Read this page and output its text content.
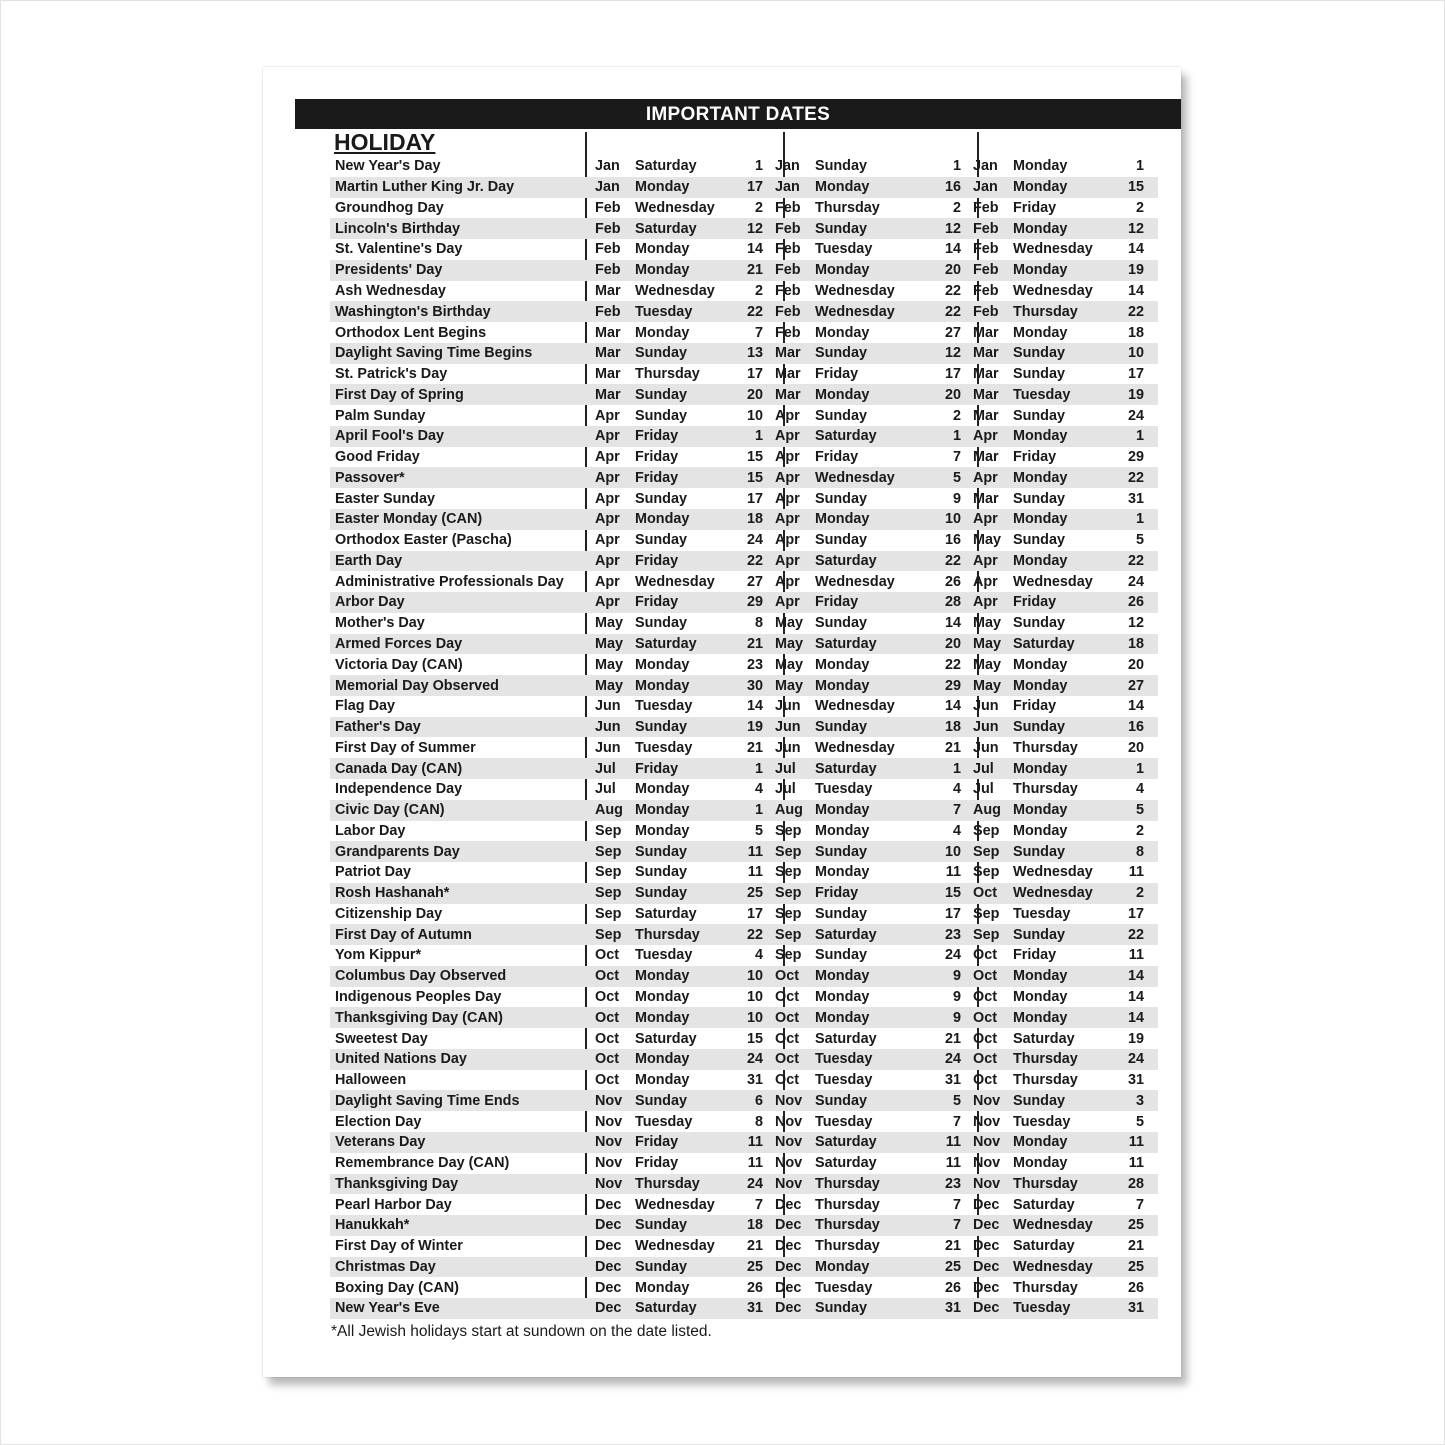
IMPORTANT DATES
HOLIDAY
New Year's Day	Jan	Saturday	1 Jan	Sunday	1 Jan	Monday	1
Martin Luther King Jr. Day	Jan	Monday	17 Jan	Monday	16 Jan	Monday	15
Groundhog Day	Feb	Wednesday	2 Feb	Thursday	2 Feb	Friday	2
Lincoln's Birthday	Feb	Saturday	12 Feb	Sunday	12 Feb	Monday	12
St. Valentine's Day	Feb	Monday	14 Feb	Tuesday	14 Feb	Wednesday	14
Presidents' Day	Feb	Monday	21 Feb	Monday	20 Feb	Monday	19
Ash Wednesday	Mar	Wednesday	2 Feb	Wednesday	22 Feb	Wednesday	14
Washington's Birthday	Feb	Tuesday	22 Feb	Wednesday	22 Feb	Thursday	22
Orthodox Lent Begins	Mar	Monday	7 Feb	Monday	27 Mar	Monday	18
Daylight Saving Time Begins	Mar	Sunday	13 Mar	Sunday	12 Mar	Sunday	10
St. Patrick's Day	Mar	Thursday	17 Mar	Friday	17 Mar	Sunday	17
First Day of Spring	Mar	Sunday	20 Mar	Monday	20 Mar	Tuesday	19
Palm Sunday	Apr	Sunday	10 Apr	Sunday	2 Mar	Sunday	24
April Fool's Day	Apr	Friday	1 Apr	Saturday	1 Apr	Monday	1
Good Friday	Apr	Friday	15 Apr	Friday	7 Mar	Friday	29
Passover*	Apr	Friday	15 Apr	Wednesday	5 Apr	Monday	22
Easter Sunday	Apr	Sunday	17 Apr	Sunday	9 Mar	Sunday	31
Easter Monday (CAN)	Apr	Monday	18 Apr	Monday	10 Apr	Monday	1
Orthodox Easter (Pascha)	Apr	Sunday	24 Apr	Sunday	16 May Sunday	5
Earth Day	Apr	Friday	22 Apr	Saturday	22 Apr	Monday	22
Administrative Professionals Day	Apr	Wednesday	27 Apr	Wednesday	26 Apr	Wednesday	24
Arbor Day	Apr	Friday	29 Apr	Friday	28 Apr	Friday	26
Mother's Day	May Sunday	8 May Sunday	14 May Sunday	12
Armed Forces Day	May Saturday	21 May Saturday	20 May Saturday	18
Victoria Day (CAN)	May Monday	23 May Monday	22 May Monday	20
Memorial Day Observed	May Monday	30 May Monday	29 May Monday	27
Flag Day	Jun	Tuesday	14 Jun	Wednesday	14 Jun	Friday	14
Father's Day	Jun	Sunday	19 Jun	Sunday	18 Jun	Sunday	16
First Day of Summer	Jun	Tuesday	21 Jun	Wednesday	21 Jun	Thursday	20
Canada Day (CAN)	Jul	Friday	1 Jul	Saturday	1 Jul	Monday	1
Independence Day	Jul	Monday	4 Jul	Tuesday	4 Jul	Thursday	4
Civic Day (CAN)	Aug Monday	1 Aug Monday	7 Aug Monday	5
Labor Day	Sep Monday	5 Sep Monday	4 Sep Monday	2
Grandparents Day	Sep Sunday	11 Sep Sunday	10 Sep Sunday	8
Patriot Day	Sep Sunday	11 Sep Monday	11 Sep Wednesday	11
Rosh Hashanah*	Sep Sunday	25 Sep Friday	15 Oct	Wednesday	2
Citizenship Day	Sep Saturday	17 Sep Sunday	17 Sep Tuesday	17
First Day of Autumn	Sep Thursday	22 Sep Saturday	23 Sep Sunday	22
Yom Kippur*	Oct	Tuesday	4 Sep Sunday	24 Oct	Friday	11
Columbus Day Observed	Oct	Monday	10 Oct	Monday	9 Oct	Monday	14
Indigenous Peoples Day	Oct	Monday	10 Oct	Monday	9 Oct	Monday	14
Thanksgiving Day (CAN)	Oct	Monday	10 Oct	Monday	9 Oct	Monday	14
Sweetest Day	Oct	Saturday	15 Oct	Saturday	21 Oct	Saturday	19
United Nations Day	Oct	Monday	24 Oct	Tuesday	24 Oct	Thursday	24
Halloween	Oct	Monday	31 Oct	Tuesday	31 Oct	Thursday	31
Daylight Saving Time Ends	Nov Sunday	6 Nov Sunday	5 Nov Sunday	3
Election Day	Nov Tuesday	8 Nov Tuesday	7 Nov Tuesday	5
Veterans Day	Nov Friday	11 Nov Saturday	11 Nov Monday	11
Remembrance Day (CAN)	Nov Friday	11 Nov Saturday	11 Nov Monday	11
Thanksgiving Day	Nov Thursday	24 Nov Thursday	23 Nov Thursday	28
Pearl Harbor Day	Dec Wednesday	7 Dec Thursday	7 Dec Saturday	7
Hanukkah*	Dec Sunday	18 Dec Thursday	7 Dec Wednesday	25
First Day of Winter	Dec Wednesday	21 Dec Thursday	21 Dec Saturday	21
Christmas Day	Dec Sunday	25 Dec Monday	25 Dec Wednesday	25
Boxing Day (CAN)	Dec Monday	26 Dec Tuesday	26 Dec Thursday	26
New Year's Eve	Dec Saturday	31 Dec Sunday	31 Dec Tuesday	31
*All Jewish holidays start at sundown on the date listed.
